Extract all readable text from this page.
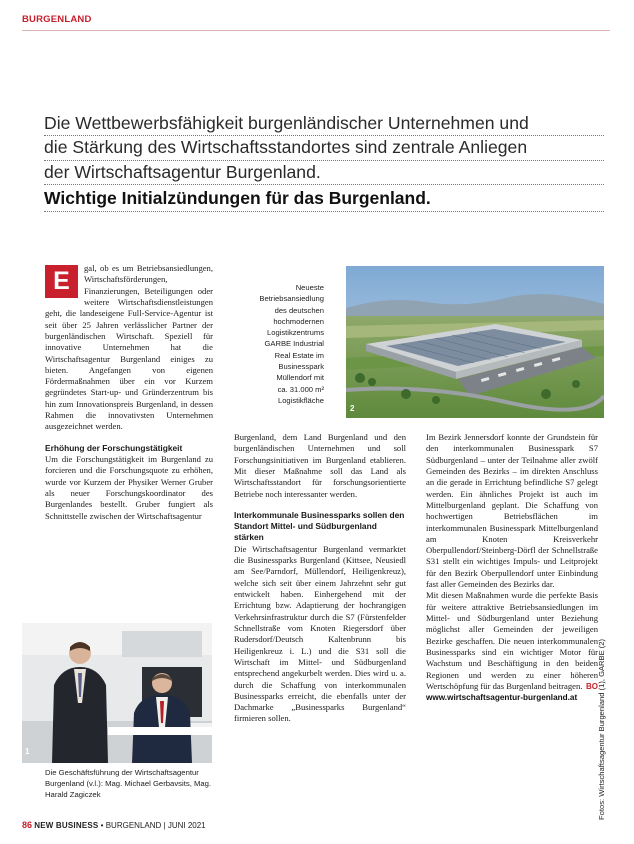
BURGENLAND
Die Wettbewerbsfähigkeit burgenländischer Unternehmen und
die Stärkung des Wirtschaftsstandortes sind zentrale Anliegen
der Wirtschaftsagentur Burgenland.
Wichtige Initialzündungen für das Burgenland.

E	gal, ob es um Betriebsansiedlungen, Wirtschaftsförderungen, Finanzierungen, Beteiligungen oder weitere Wirtschaftsdienstleistungen geht, die landeseigene Full-Service-Agentur ist seit über 25 Jahren verlässlicher Partner der burgenländischen Wirtschaft. Speziell für innovative Unternehmen hat die Wirtschaftsagentur Burgenland einiges zu bieten. Angefangen von eigenen Fördermaßnahmen über ein vor Kurzem gegründetes Start-up- und Gründerzentrum bis hin zum Innovationspreis Burgenland, in dessen Rahmen die innovativsten Unternehmen ausgezeichnet werden.

Erhöhung der Forschungstätigkeit

Um die Forschungstätigkeit im Burgenland zu forcieren und die Forschungsquote zu erhöhen, wurde vor Kurzem der Physiker Werner Gruber als neuer Forschungskoordinator des Burgenlandes bestellt. Gruber fungiert als Schnittstelle zwischen der Wirtschaftsagentur

Neueste
Betriebsansiedlung
des deutschen
hochmodernen
Logistikzentrums
GARBE Industrial
Real Estate im
Businesspark
Müllendorf mit
ca. 31.000 m²
Logistikfläche
2

Burgenland, dem Land Burgenland und den burgenländischen Unternehmen und soll Forschungsinitiativen im Burgenland etablieren. Mit dieser Maßnahme soll das Land als Wirtschaftsstandort für forschungsorientierte Betriebe noch interessanter werden.

Interkommunale Businessparks sollen den Standort Mittel- und Südburgenland stärken

Die Wirtschaftsagentur Burgenland vermarktet die Businessparks Burgenland (Kittsee, Neusiedl am See/Parndorf, Müllendorf, Heiligenkreuz), welche sich seit über einem Jahrzehnt sehr gut entwickelt haben. Einhergehend mit der Errichtung bzw. Adaptierung der hochrangigen Verkehrsinfrastruktur durch die S7 (Fürstenfelder Schnellstraße vom Knoten Riegersdorf über Rudersdorf/Deutsch Kaltenbrunn bis Heiligenkreuz i. L.) und die S31 soll die Wirtschaft im Mittel- und Südburgenland entsprechend angekurbelt werden. Dies wird u. a. durch die Schaffung von interkommunalen Businessparks erreicht, die ebenfalls unter der Dachmarke „Businessparks Burgenland“ firmieren sollen.

Im Bezirk Jennersdorf konnte der Grundstein für den interkommunalen Businesspark S7 Südburgenland – unter der Teilnahme aller zwölf Gemeinden des Bezirks – im direkten Anschluss an die gerade in Errichtung befindliche S7 gelegt werden. Ein ähnliches Projekt ist auch im Mittelburgenland geplant. Die Schaffung von hochwertigen Betriebsflächen im interkommunalen Businesspark Mittelburgenland am Knoten Kreisverkehr Oberpullendorf/Steinberg-Dörfl der Schnellstraße S31 stellt ein wichtiges Impuls- und Leitprojekt für den Bezirk Oberpullendorf unter Einbindung fast aller Gemeinden des Bezirks dar.

Mit diesen Maßnahmen wurde die perfekte Basis für weitere attraktive Betriebsansiedlungen im Mittel- und Südburgenland unter Beziehung möglichst aller Gemeinden der jeweiligen Bezirke geschaffen. Die neuen interkommunalen Businessparks sind ein wichtiger Motor für Wachstum und Beschäftigung in den beiden Regionen und werden zu einer höheren Wertschöpfung für das Burgenland beitragen. BO

www.wirtschaftsagentur-burgenland.at

1
Die Geschäftsführung der Wirtschaftsagentur Burgenland (v.l.): Mag. Michael Gerbavsits, Mag. Harald Zagiczek	Fotos: Wirtschaftsagentur Burgenland (1), GARBE (2)
86 NEW BUSINESS • BURGENLAND | JUNI 2021
